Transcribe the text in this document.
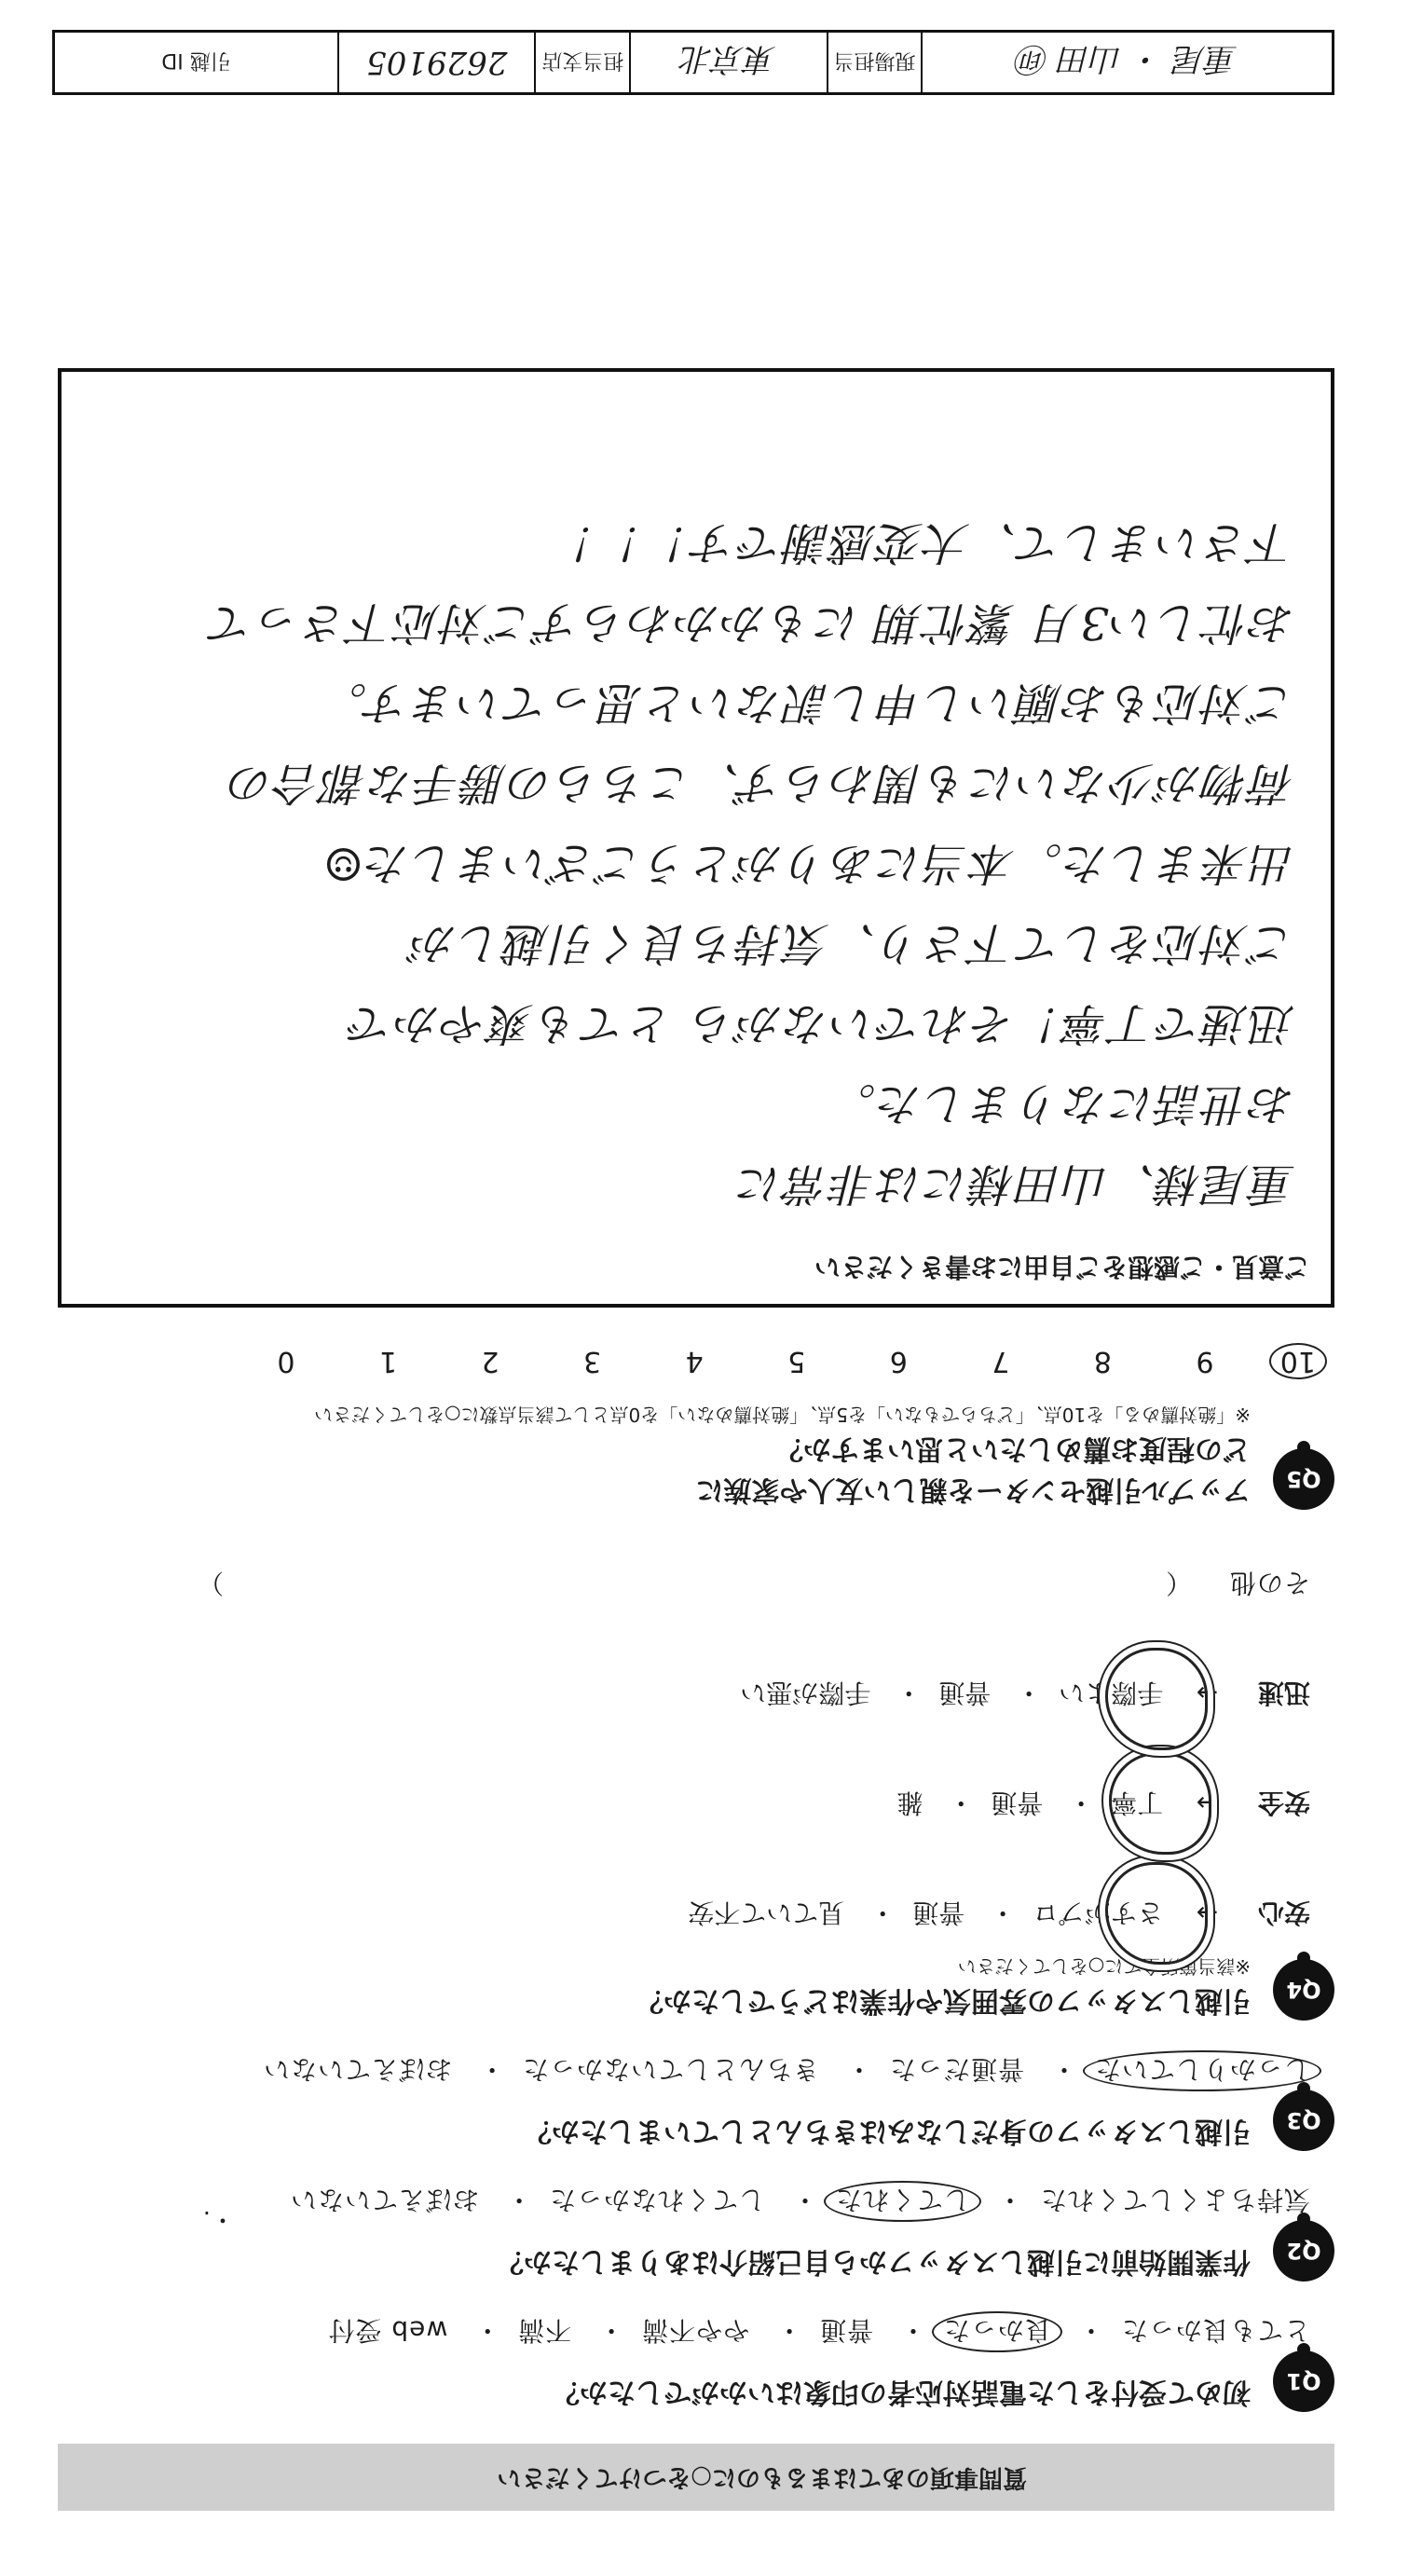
質問事項のあてはまるものに○をつけてください
Q1
初めて受付をした電話対応者の印象はいかがでしたか？
とても良かった・ 良かった・ 普通・ やや不満・ 不満・ web 受付
Q2
作業開始前に引越しスタッフから自己紹介はありましたか？
気持ちよくしてくれた・ してくれた・ してくれなかった・ おぼえていない
Q3
引越しスタッフの身だしなみはきちんとしていましたか？
しっかりしていた・ 普通だった・ きちんとしていなかった・ おぼえていない
Q4
引越しスタッフの雰囲気や作業はどうでしたか？
※該当箇所全てに○をしてください
安心 → さすがプロ・ 普通・ 見ていて不安
安全 → 丁寧・ 普通・ 雑
迅速 → 手際よい・ 普通・ 手際が悪い
その他 （ ）
Q5
アップル引越センターを親しい友人や家族に
どの程度お薦めしたいと思いますか？
※「絶対薦める」を10点、「どちらでもない」を5点、「絶対薦めない」を0点として該当点数に○をしてください
10 9 8 7 6 5 4 3 2 1 0
ご意見・ご感想をご自由にお書きください
重尾様、山田様には非常に
お世話になりました。
迅速で丁寧！それでいながら とても爽やかで
ご対応をして下さり、気持ち良く引越しが
出来ました。本当にありがとうございました☺
荷物が少ないにも関わらず、こちらの勝手な都合の
ご対応もお願いし申し訳ないと思っています。
お忙しい3月 繁忙期 にもかかわらずご対応下さって
下さいまして、大変感謝です！！！
・.
重尾 ・ 山田 ㊞
現場担当
東京北
担当支店
2629105
引越 ID
